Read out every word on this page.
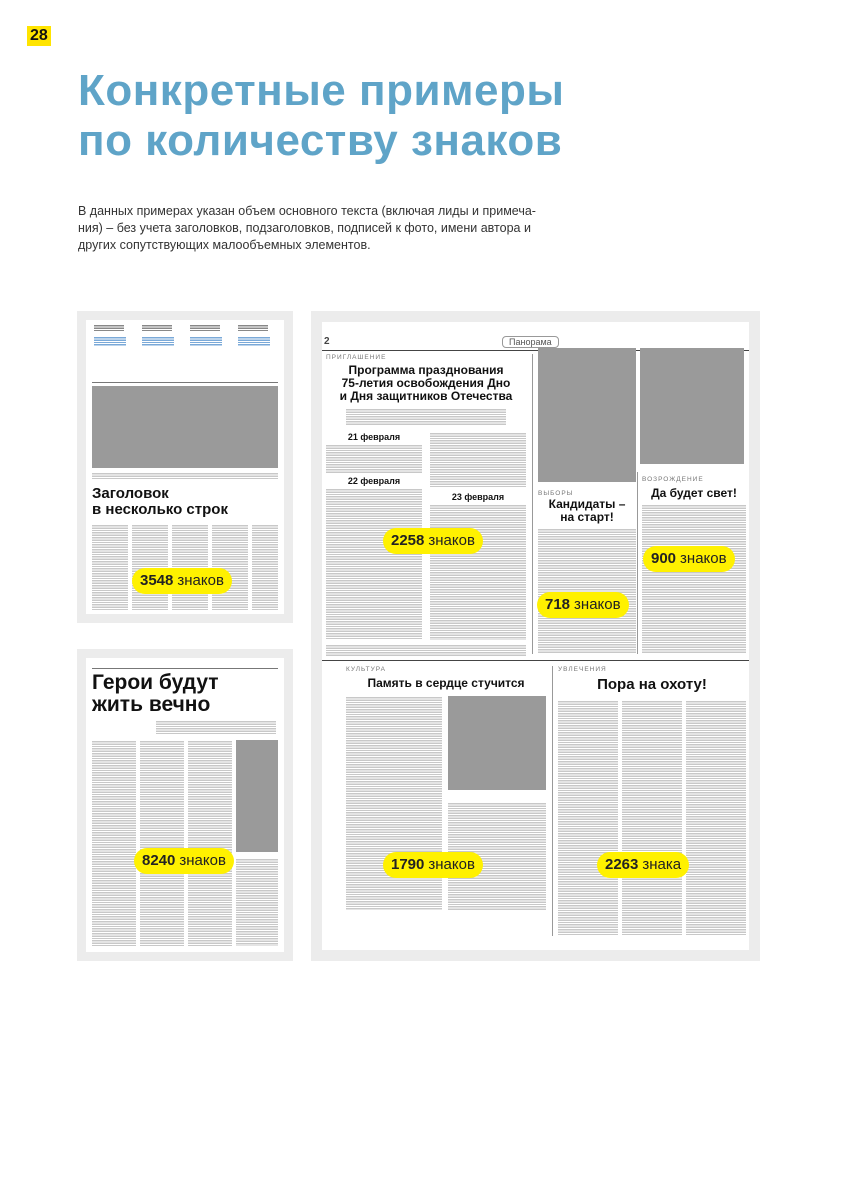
28
Конкретные примеры
по количеству знаков
В данных примерах указан объем основного текста (включая лиды и примеча-
ния) – без учета заголовков, подзаголовков, подписей к фото, имени автора и
других сопутствующих малообъемных элементов.
Заголовок
в несколько строк
3548 знаков
Герои будут
жить вечно
8240 знаков
2	Панорама
ПРИГЛАШЕНИЕ
Программа празднования
75-летия освобождения Дно
и Дня защитников Отечества
21 февраля
22 февраля
23 февраля	ВЫБОРЫ
Кандидаты –
на старт!
ВОЗРОЖДЕНИЕ
Да будет свет!
КУЛЬТУРА
Память в сердце стучится
УВЛЕЧЕНИЯ
Пора на охоту!
2258 знаков
718 знаков
900 знаков
1790 знаков	2263 знака
